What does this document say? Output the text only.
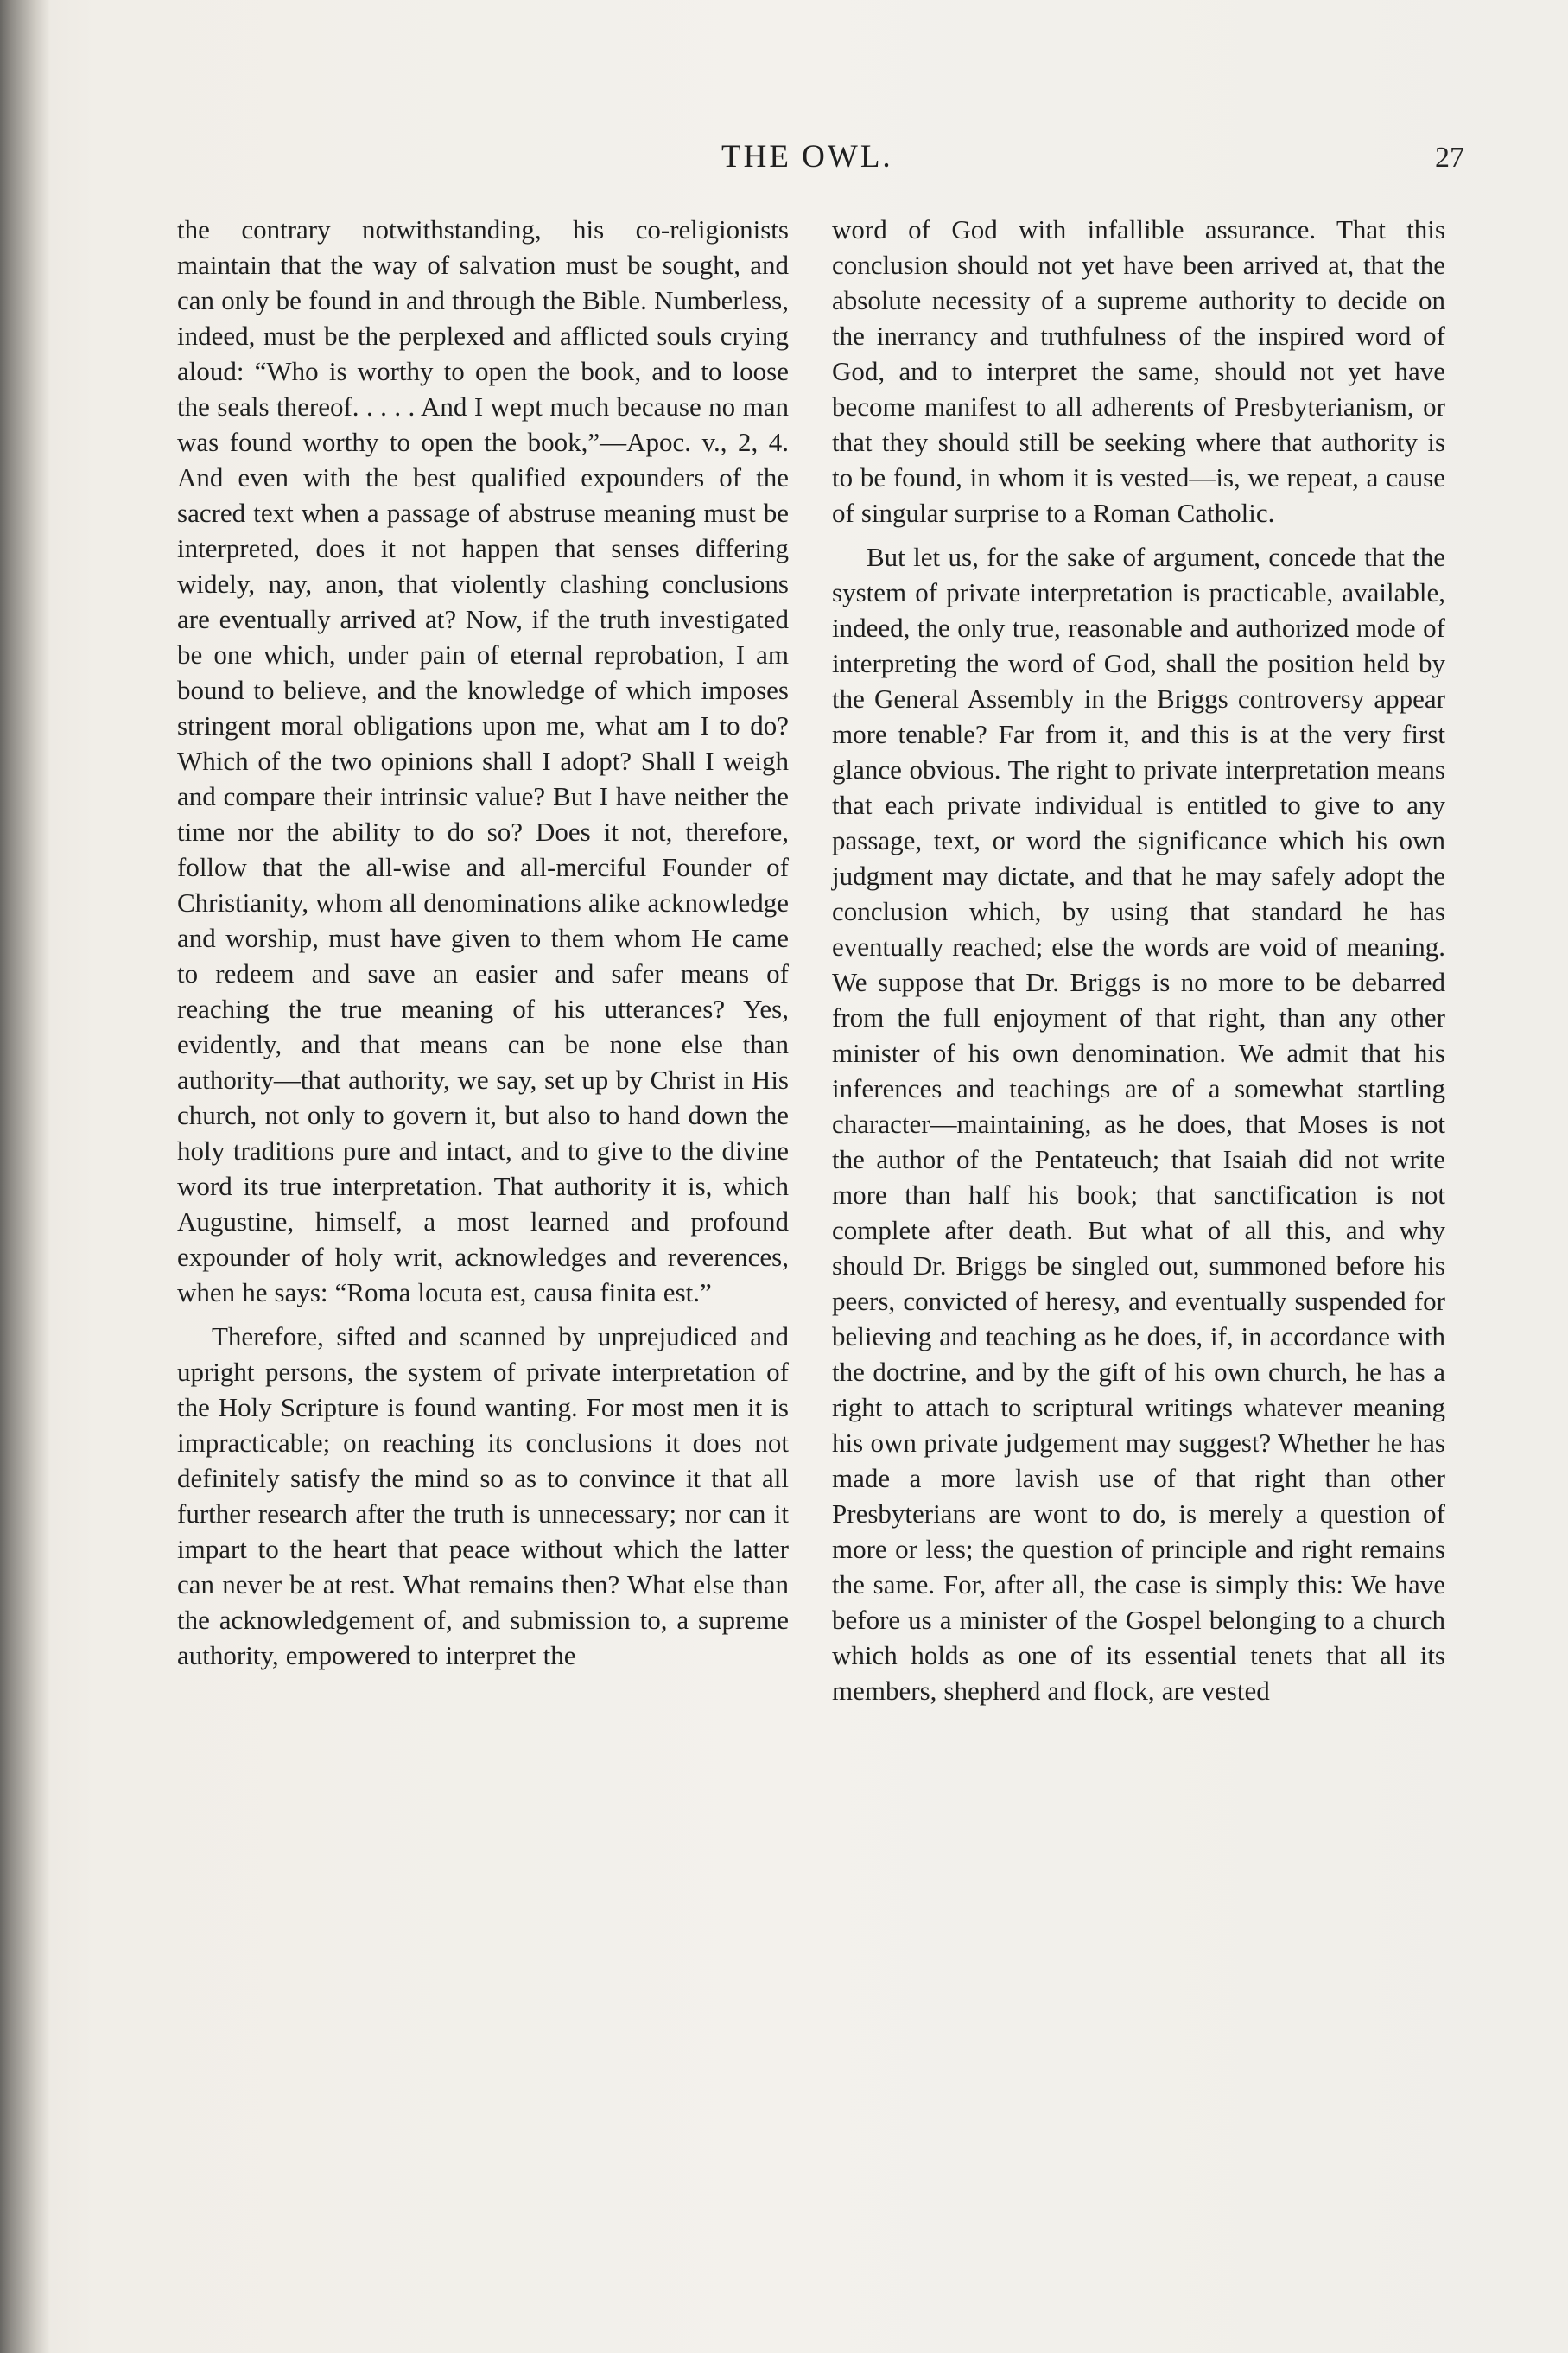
THE OWL.	27

the contrary notwithstanding, his co-religionists maintain that the way of salvation must be sought, and can only be found in and through the Bible. Numberless, indeed, must be the perplexed and afflicted souls crying aloud: “Who is worthy to open the book, and to loose the seals thereof. . . . . And I wept much because no man was found worthy to open the book,”—Apoc. v., 2, 4. And even with the best qualified expounders of the sacred text when a passage of abstruse meaning must be interpreted, does it not happen that senses differing widely, nay, anon, that violently clashing conclusions are eventually arrived at? Now, if the truth investigated be one which, under pain of eternal reprobation, I am bound to believe, and the knowledge of which imposes stringent moral obligations upon me, what am I to do? Which of the two opinions shall I adopt? Shall I weigh and compare their intrinsic value? But I have neither the time nor the ability to do so? Does it not, therefore, follow that the all-wise and all-merciful Founder of Christianity, whom all denominations alike acknowledge and worship, must have given to them whom He came to redeem and save an easier and safer means of reaching the true meaning of his utterances? Yes, evidently, and that means can be none else than authority—that authority, we say, set up by Christ in His church, not only to govern it, but also to hand down the holy traditions pure and intact, and to give to the divine word its true interpretation. That authority it is, which Augustine, himself, a most learned and profound expounder of holy writ, acknowledges and reverences, when he says: “Roma locuta est, causa finita est.”

Therefore, sifted and scanned by unprejudiced and upright persons, the system of private interpretation of the Holy Scripture is found wanting. For most men it is impracticable; on reaching its conclusions it does not definitely satisfy the mind so as to convince it that all further research after the truth is unnecessary; nor can it impart to the heart that peace without which the latter can never be at rest. What remains then? What else than the acknowledgement of, and submission to, a supreme authority, empowered to interpret the

word of God with infallible assurance. That this conclusion should not yet have been arrived at, that the absolute necessity of a supreme authority to decide on the inerrancy and truthfulness of the inspired word of God, and to interpret the same, should not yet have become manifest to all adherents of Presbyterianism, or that they should still be seeking where that authority is to be found, in whom it is vested—is, we repeat, a cause of singular surprise to a Roman Catholic.

But let us, for the sake of argument, concede that the system of private interpretation is practicable, available, indeed, the only true, reasonable and authorized mode of interpreting the word of God, shall the position held by the General Assembly in the Briggs controversy appear more tenable? Far from it, and this is at the very first glance obvious. The right to private interpretation means that each private individual is entitled to give to any passage, text, or word the significance which his own judgment may dictate, and that he may safely adopt the conclusion which, by using that standard he has eventually reached; else the words are void of meaning. We suppose that Dr. Briggs is no more to be debarred from the full enjoyment of that right, than any other minister of his own denomination. We admit that his inferences and teachings are of a somewhat startling character—maintaining, as he does, that Moses is not the author of the Pentateuch; that Isaiah did not write more than half his book; that sanctification is not complete after death. But what of all this, and why should Dr. Briggs be singled out, summoned before his peers, convicted of heresy, and eventually suspended for believing and teaching as he does, if, in accordance with the doctrine, and by the gift of his own church, he has a right to attach to scriptural writings whatever meaning his own private judgement may suggest? Whether he has made a more lavish use of that right than other Presbyterians are wont to do, is merely a question of more or less; the question of principle and right remains the same. For, after all, the case is simply this: We have before us a minister of the Gospel belonging to a church which holds as one of its essential tenets that all its members, shepherd and flock, are vested
